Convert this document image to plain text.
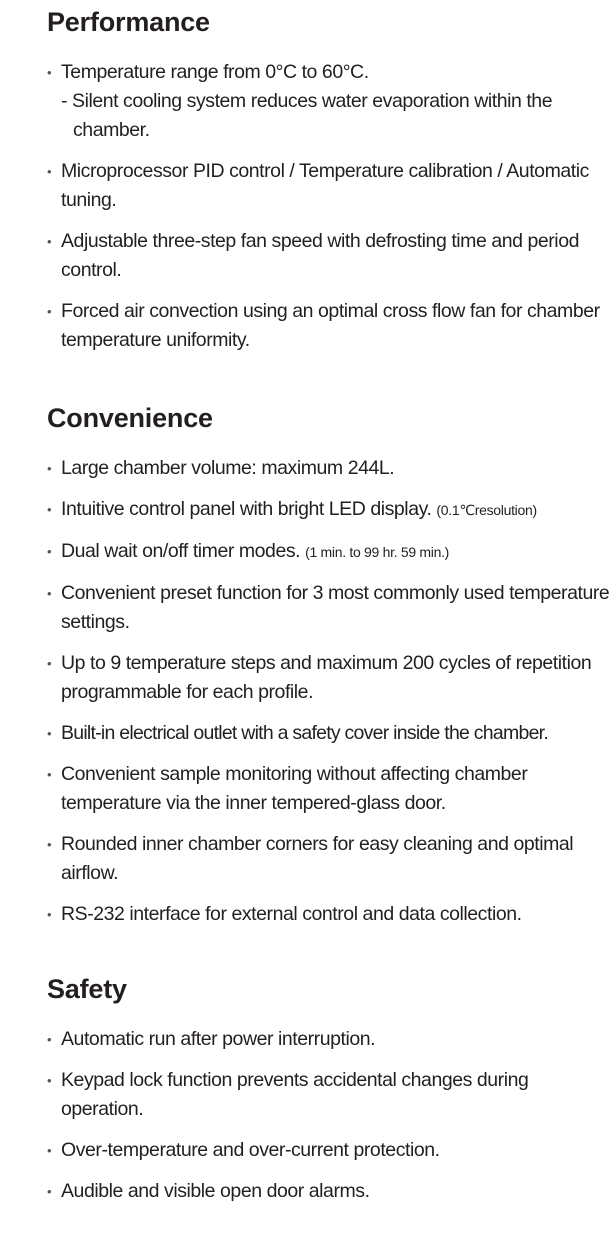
Performance
• Temperature range from 0°C to 60°C.
- Silent cooling system reduces water evaporation within the chamber.
• Microprocessor PID control / Temperature calibration / Automatic tuning.
• Adjustable three-step fan speed with defrosting time and period control.
• Forced air convection using an optimal cross flow fan for chamber temperature uniformity.
Convenience
• Large chamber volume: maximum 244L.
• Intuitive control panel with bright LED display. (0.1℃resolution)
• Dual wait on/off timer modes. (1 min. to 99 hr. 59 min.)
• Convenient preset function for 3 most commonly used temperature settings.
• Up to 9 temperature steps and maximum 200 cycles of repetition programmable for each profile.
• Built-in electrical outlet with a safety cover inside the chamber.
• Convenient sample monitoring without affecting chamber temperature via the inner tempered-glass door.
• Rounded inner chamber corners for easy cleaning and optimal airflow.
• RS-232 interface for external control and data collection.
Safety
• Automatic run after power interruption.
• Keypad lock function prevents accidental changes during operation.
• Over-temperature and over-current protection.
• Audible and visible open door alarms.
